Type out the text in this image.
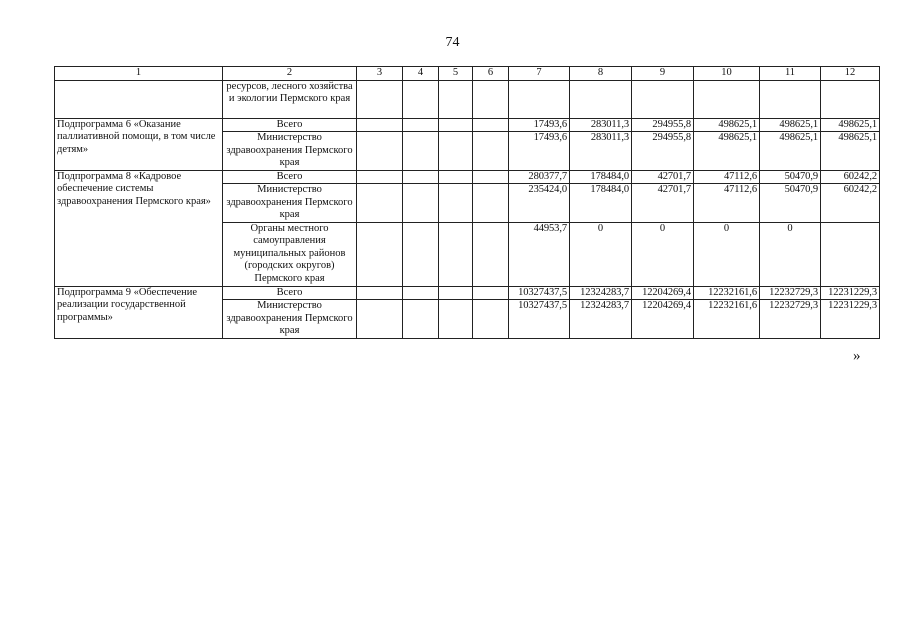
74
1	2	3	4	5	6	7	8	9	10	11	12
	ресурсов, лесного хозяйства и экологии Пермского края										
Подпрограмма 6 «Оказание паллиативной помощи, в том числе детям»	Всего					17493,6	283011,3	294955,8	498625,1	498625,1	498625,1
	Министерство здравоохранения Пермского края					17493,6	283011,3	294955,8	498625,1	498625,1	498625,1
Подпрограмма 8 «Кадровое обеспечение системы здравоохранения Пермского края»	Всего					280377,7	178484,0	42701,7	47112,6	50470,9	60242,2
	Министерство здравоохранения Пермского края					235424,0	178484,0	42701,7	47112,6	50470,9	60242,2
	Органы местного самоуправления муниципальных районов (городских округов) Пермского края					44953,7	0	0	0	0	
Подпрограмма 9 «Обеспечение реализации государственной программы»	Всего					10327437,5	12324283,7	12204269,4	12232161,6	12232729,3	12231229,3
	Министерство здравоохранения Пермского края					10327437,5	12324283,7	12204269,4	12232161,6	12232729,3	12231229,3
»
